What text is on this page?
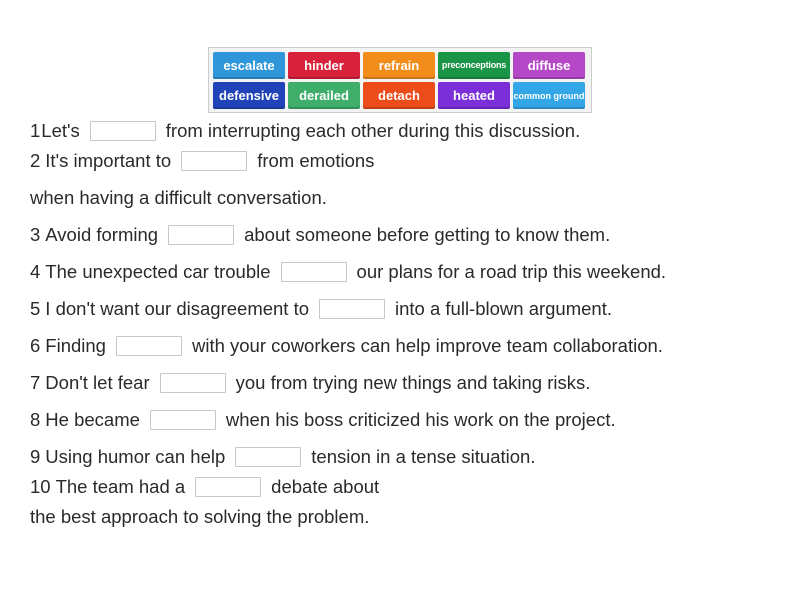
escalate	hinder	refrain	preconceptions	diffuse
defensive	derailed	detach	heated	common ground
1 Let's	from interrupting each other during this discussion.
2 It's important to	from emotions
when having a difficult conversation.
3 Avoid forming	about someone before getting to know them.
4 The unexpected car trouble	our plans for a road trip this weekend.
5 I don't want our disagreement to	into a full-blown argument.
6 Finding	with your coworkers can help improve team collaboration.
7 Don't let fear	you from trying new things and taking risks.
8 He became	when his boss criticized his work on the project.
9 Using humor can help	tension in a tense situation.
10 The team had a	debate about
the best approach to solving the problem.
